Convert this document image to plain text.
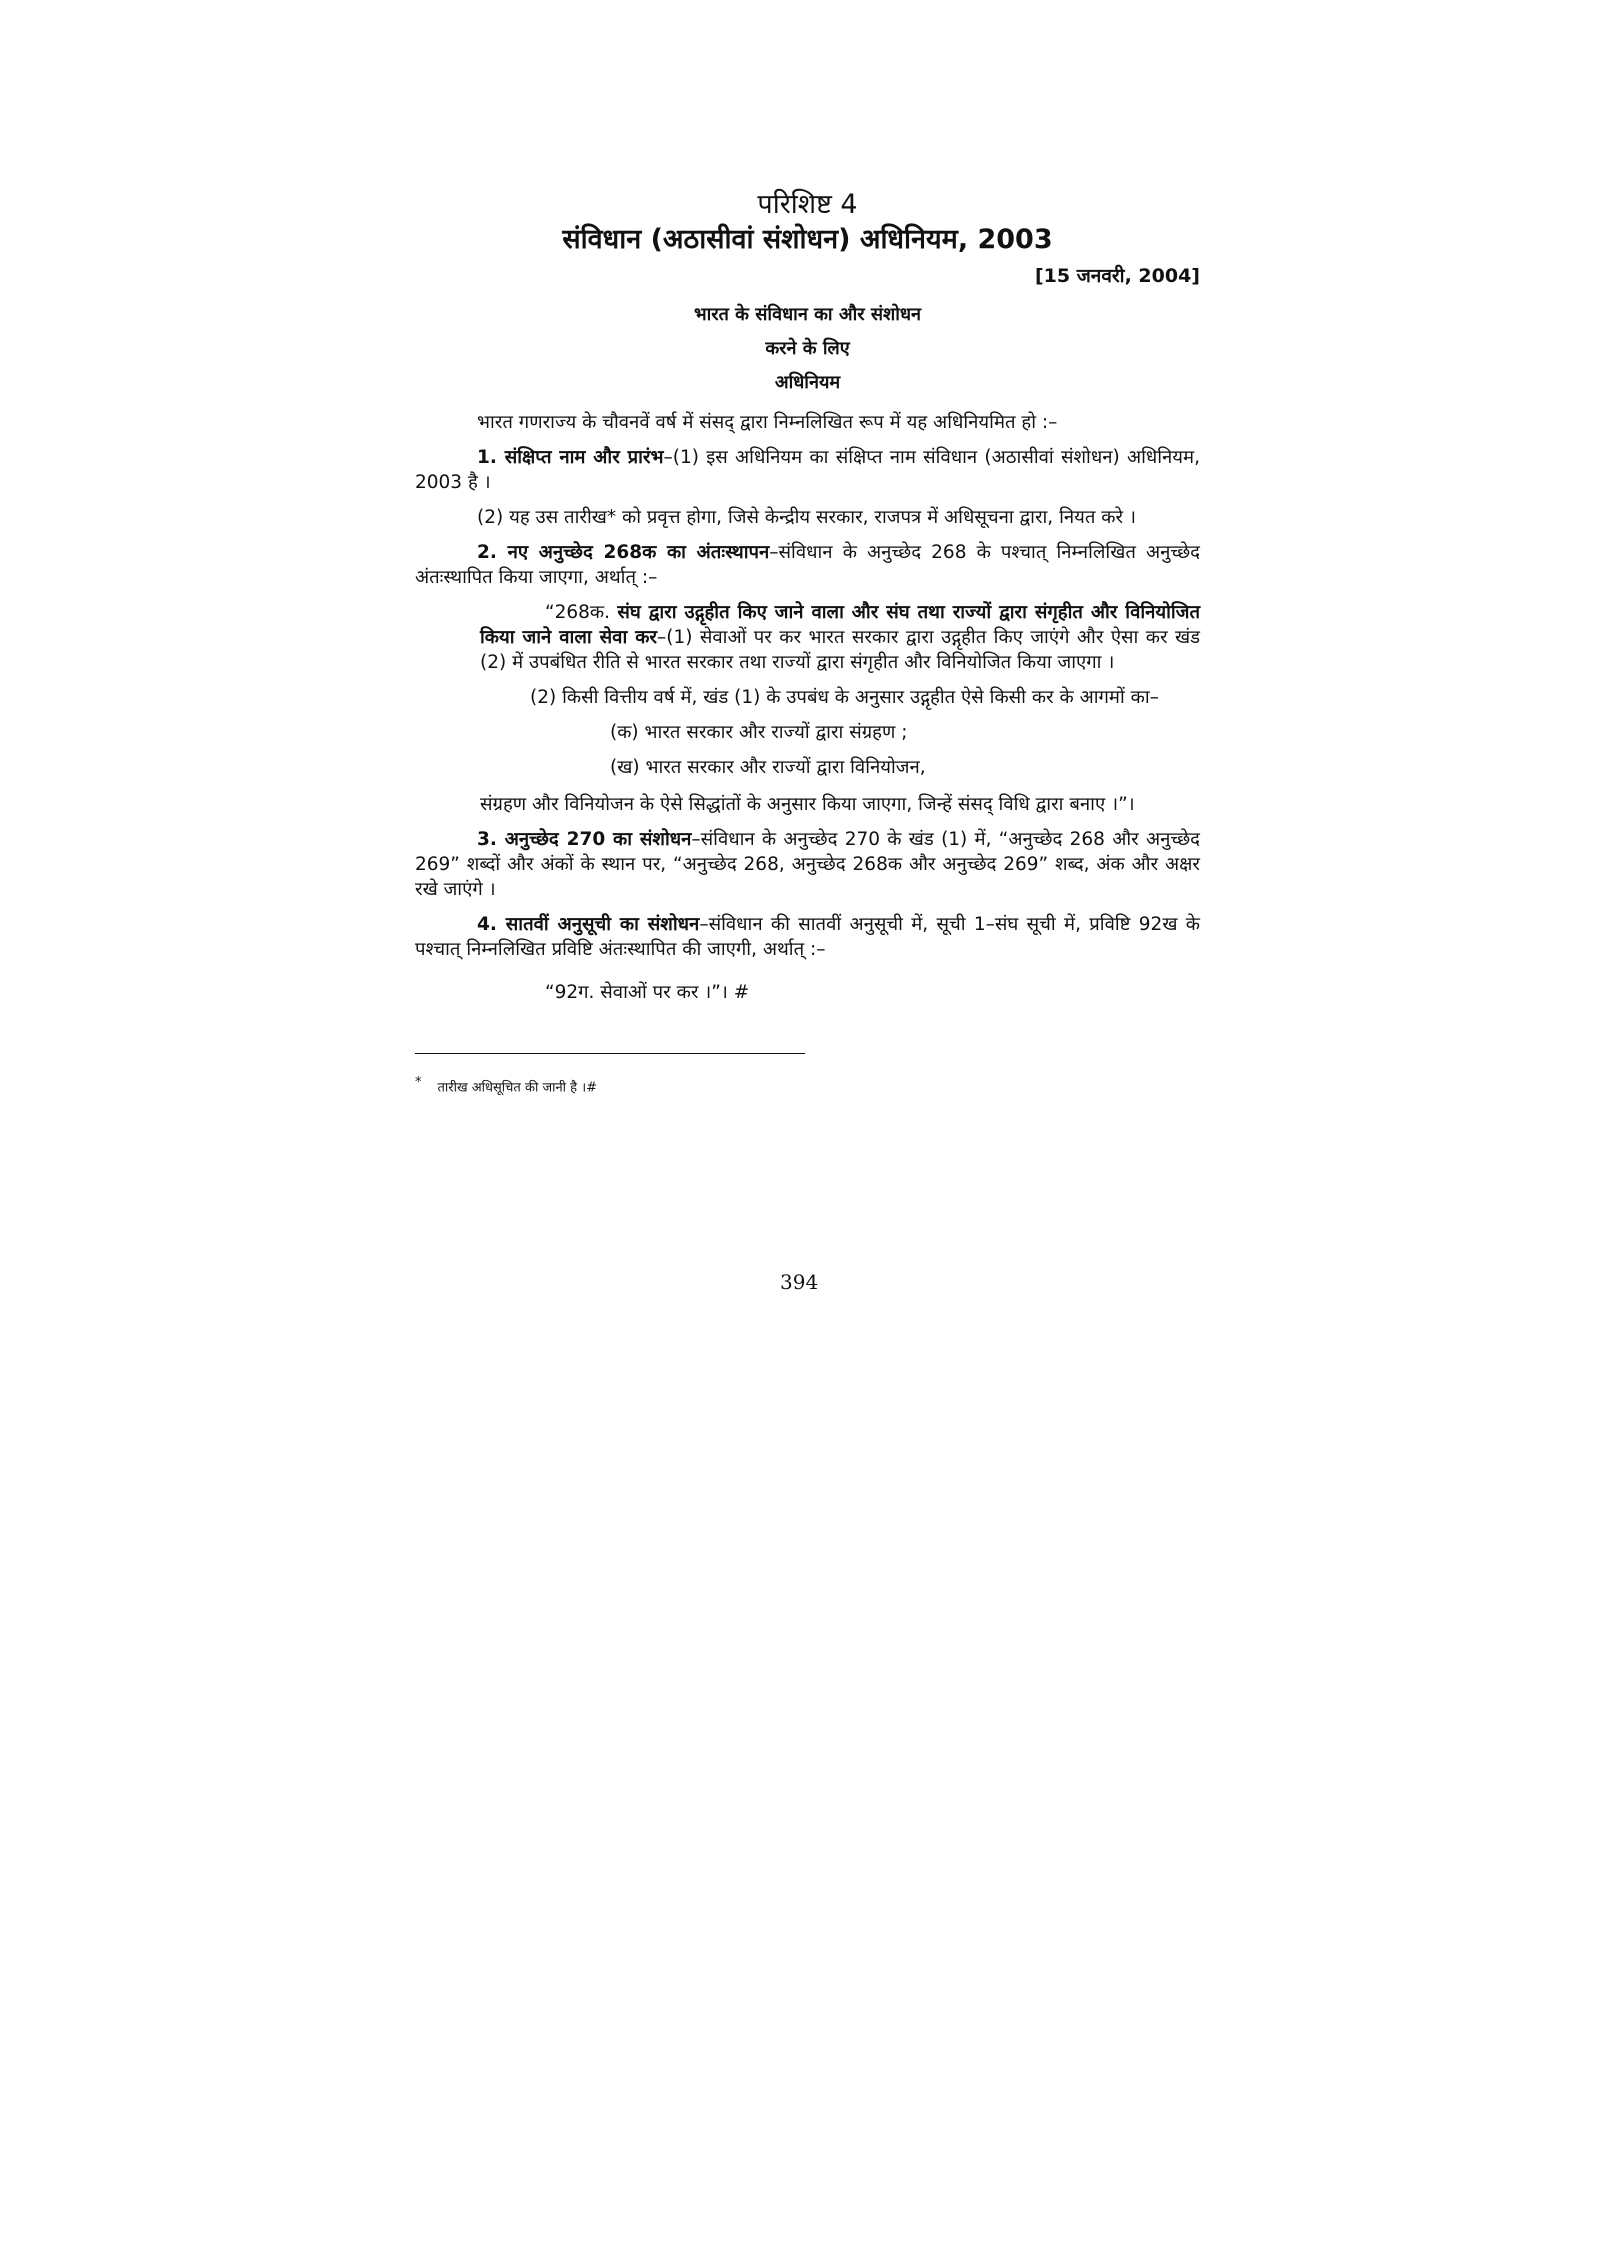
परिशिष्ट 4
संविधान (अठासीवां संशोधन) अधिनियम, 2003
[15 जनवरी, 2004]
भारत के संविधान का और संशोधन
करने के लिए
अधिनियम

भारत गणराज्य के चौवनवें वर्ष में संसद् द्वारा निम्नलिखित रूप में यह अधिनियमित हो :–

1. संक्षिप्त नाम और प्रारंभ–(1) इस अधिनियम का संक्षिप्त नाम संविधान (अठासीवां संशोधन) अधिनियम, 2003 है ।

(2) यह उस तारीख* को प्रवृत्त होगा, जिसे केन्द्रीय सरकार, राजपत्र में अधिसूचना द्वारा, नियत करे ।

2. नए अनुच्छेद 268क का अंतःस्थापन–संविधान के अनुच्छेद 268 के पश्चात् निम्नलिखित अनुच्छेद अंतःस्थापित किया जाएगा, अर्थात् :–

“268क. संघ द्वारा उद्गृहीत किए जाने वाला और संघ तथा राज्यों द्वारा संगृहीत और विनियोजित किया जाने वाला सेवा कर–(1) सेवाओं पर कर भारत सरकार द्वारा उद्गृहीत किए जाएंगे और ऐसा कर खंड (2) में उपबंधित रीति से भारत सरकार तथा राज्यों द्वारा संगृहीत और विनियोजित किया जाएगा ।

(2) किसी वित्तीय वर्ष में, खंड (1) के उपबंध के अनुसार उद्गृहीत ऐसे किसी कर के आगमों का–

(क) भारत सरकार और राज्यों द्वारा संग्रहण ;

(ख) भारत सरकार और राज्यों द्वारा विनियोजन,

संग्रहण और विनियोजन के ऐसे सिद्धांतों के अनुसार किया जाएगा, जिन्हें संसद् विधि द्वारा बनाए ।”।

3. अनुच्छेद 270 का संशोधन–संविधान के अनुच्छेद 270 के खंड (1) में, “अनुच्छेद 268 और अनुच्छेद 269” शब्दों और अंकों के स्थान पर, “अनुच्छेद 268, अनुच्छेद 268क और अनुच्छेद 269” शब्द, अंक और अक्षर रखे जाएंगे ।

4. सातवीं अनुसूची का संशोधन–संविधान की सातवीं अनुसूची में, सूची 1–संघ सूची में, प्रविष्टि 92ख के पश्चात् निम्नलिखित प्रविष्टि अंतःस्थापित की जाएगी, अर्थात् :–

“92ग. सेवाओं पर कर ।”। #

* तारीख अधिसूचित की जानी है ।#
394
